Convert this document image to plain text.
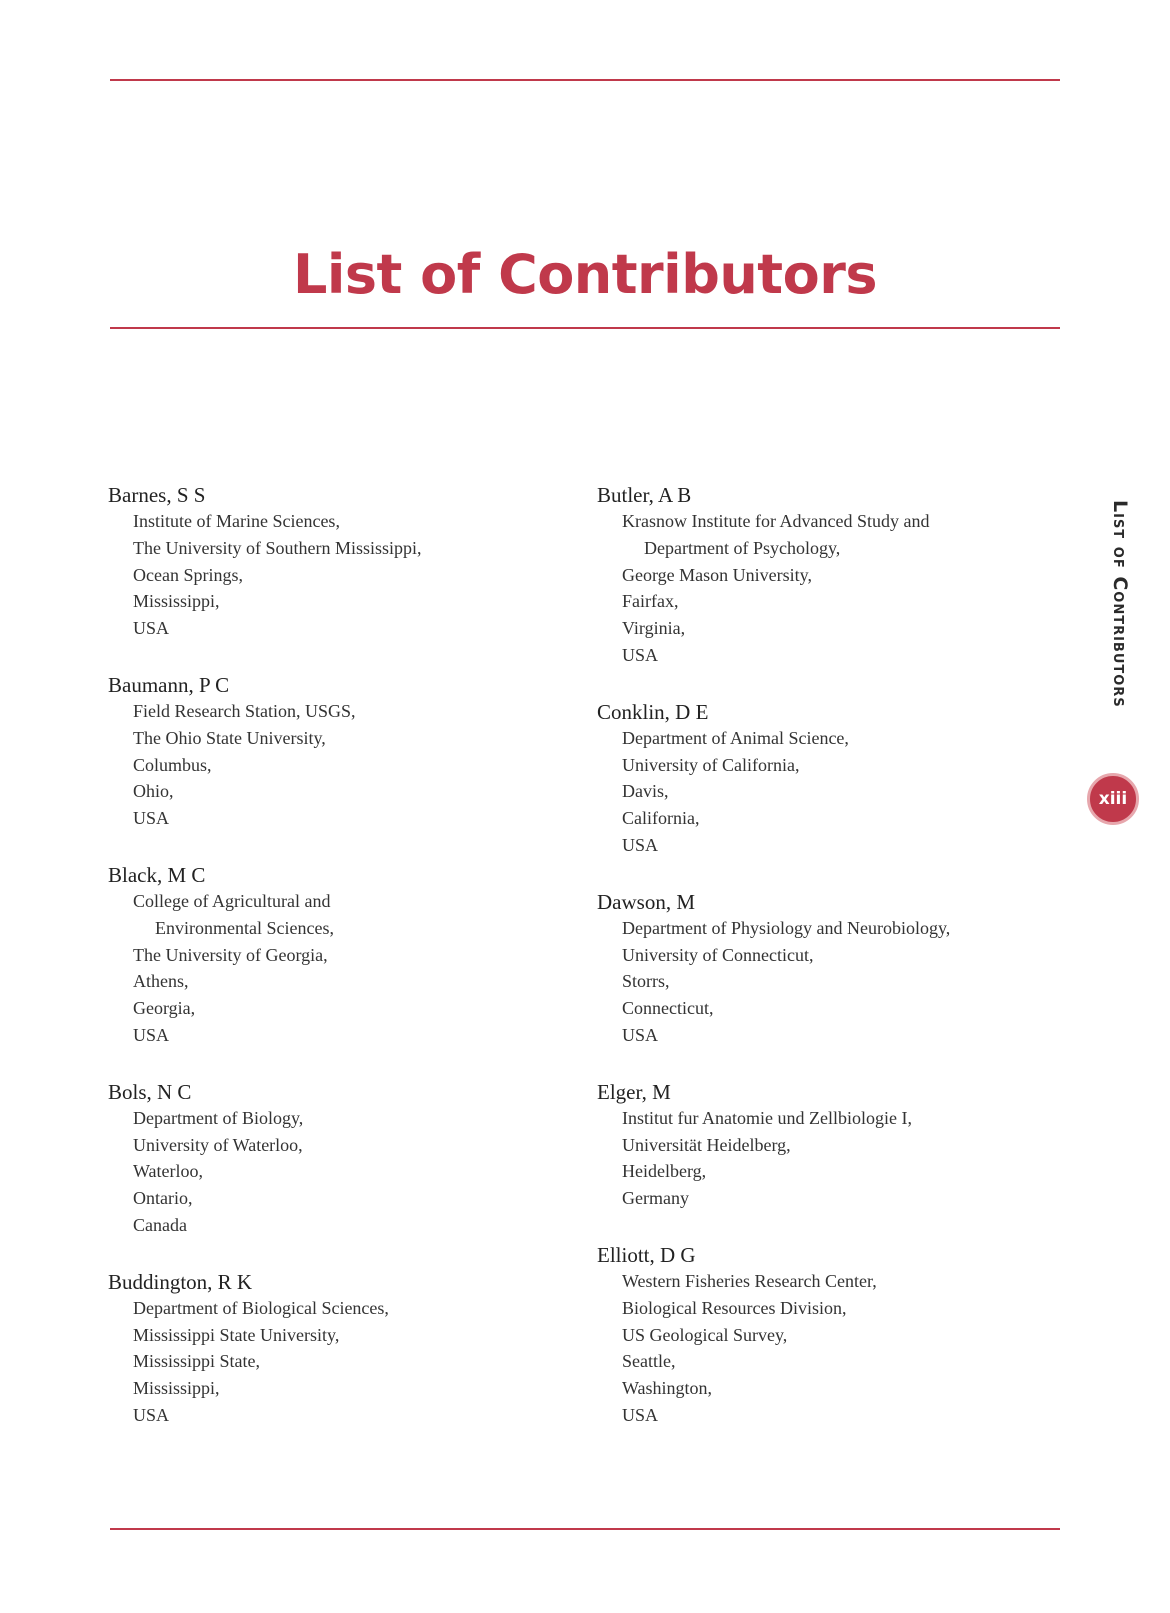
List of Contributors
Barnes, S S
Institute of Marine Sciences,
The University of Southern Mississippi,
Ocean Springs,
Mississippi,
USA
Baumann, P C
Field Research Station, USGS,
The Ohio State University,
Columbus,
Ohio,
USA
Black, M C
College of Agricultural and
Environmental Sciences,
The University of Georgia,
Athens,
Georgia,
USA
Bols, N C
Department of Biology,
University of Waterloo,
Waterloo,
Ontario,
Canada
Buddington, R K
Department of Biological Sciences,
Mississippi State University,
Mississippi State,
Mississippi,
USA
Butler, A B
Krasnow Institute for Advanced Study and
Department of Psychology,
George Mason University,
Fairfax,
Virginia,
USA
Conklin, D E
Department of Animal Science,
University of California,
Davis,
California,
USA
Dawson, M
Department of Physiology and Neurobiology,
University of Connecticut,
Storrs,
Connecticut,
USA
Elger, M
Institut fur Anatomie und Zellbiologie I,
Universität Heidelberg,
Heidelberg,
Germany
Elliott, D G
Western Fisheries Research Center,
Biological Resources Division,
US Geological Survey,
Seattle,
Washington,
USA
List of Contributors
xiii
